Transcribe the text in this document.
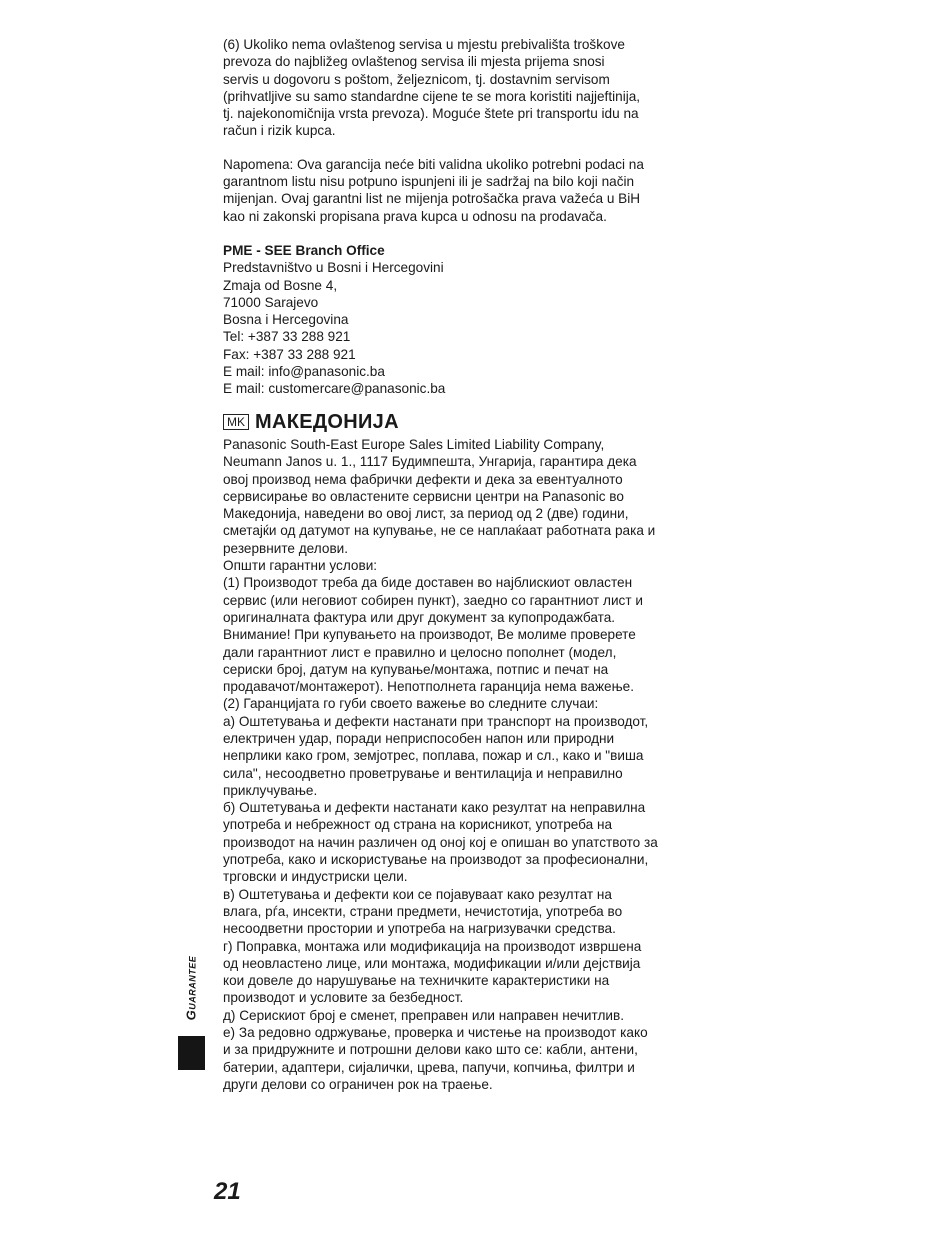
(6) Ukoliko nema ovlaštenog servisa u mjestu prebivališta troškove

prevoza do najbližeg ovlaštenog servisa ili mjesta prijema snosi

servis u dogovoru s poštom, željeznicom, tj. dostavnim servisom

(prihvatljive su samo standardne cijene te se mora koristiti najjeftinija,

tj. najekonomičnija vrsta prevoza). Moguće štete pri transportu idu na

račun i rizik kupca.

Napomena: Ova garancija neće biti validna ukoliko potrebni podaci na

garantnom listu nisu potpuno ispunjeni ili je sadržaj na bilo koji način

mijenjan. Ovaj garantni list ne mijenja potrošačka prava važeća u BiH

kao ni zakonski propisana prava kupca u odnosu na prodavača.

PME - SEE Branch Office

Predstavništvo u Bosni i Hercegovini

Zmaja od Bosne 4,

71000 Sarajevo

Bosna i Hercegovina

Tel: +387 33 288 921

Fax: +387 33 288 921

E mail: info@panasonic.ba

E mail: customercare@panasonic.ba

MK МАКЕДОНИЈА

Panasonic South-East Europe Sales Limited Liability Company,

Neumann Janos u. 1., 1117 Будимпешта, Унгарија, гарантира дека

овој производ нема фабрички дефекти и дека за евентуалното

сервисирање во овластените сервисни центри на Panasonic во

Македонија, наведени во овој лист, за период од 2 (две) години,

сметајќи од датумот на купување, не се наплаќаат работната рака и

резервните делови.

Општи гарантни услови:

(1) Производот треба да биде доставен во најблискиот овластен

сервис (или неговиот собирен пункт), заедно со гарантниот лист и

оригиналната фактура или друг документ за купопродажбата.

Внимание! При купувањето на производот, Ве молиме проверете

дали гарантниот лист е правилно и целосно пополнет (модел,

сериски број, датум на купување/монтажа, потпис и печат на

продавачот/монтажерот). Непотполнета гаранција нема важење.

(2) Гаранцијата го губи своето важење во следните случаи:

а) Оштетувања и дефекти настанати при транспорт на производот,

електричен удар, поради неприспособен напон или природни

непрлики како гром, земјотрес, поплава, пожар и сл., како и "виша

сила", несоодветно проветрување и вентилација и неправилно

приклучување.

б) Оштетувања и дефекти настанати како резултат на неправилна

употреба и небрежност од страна на корисникот, употреба на

производот на начин различен од оној кој е опишан во упатството за

употреба, како и искористување на производот за професионални,

трговски и индустриски цели.

в) Оштетувања и дефекти кои се појавуваат како резултат на

влага, рѓа, инсекти, страни предмети, нечистотија, употреба во

несоодветни простории и употреба на нагризувачки средства.

г) Поправка, монтажа или модификација на производот извршена

од неовластено лице, или монтажа, модификации и/или дејствија

кои довеле до нарушување на техничките карактеристики на

производот и условите за безбедност.

д) Серискиот број е сменет, преправен или направен нечитлив.

е) За редовно одржување, проверка и чистење на производот како

и за придружните и потрошни делови како што се: кабли, антени,

батерии, адаптери, сијалички, црева, папучи, копчиња, филтри и

други делови со ограничен рок на траење.

Guarantee
21
